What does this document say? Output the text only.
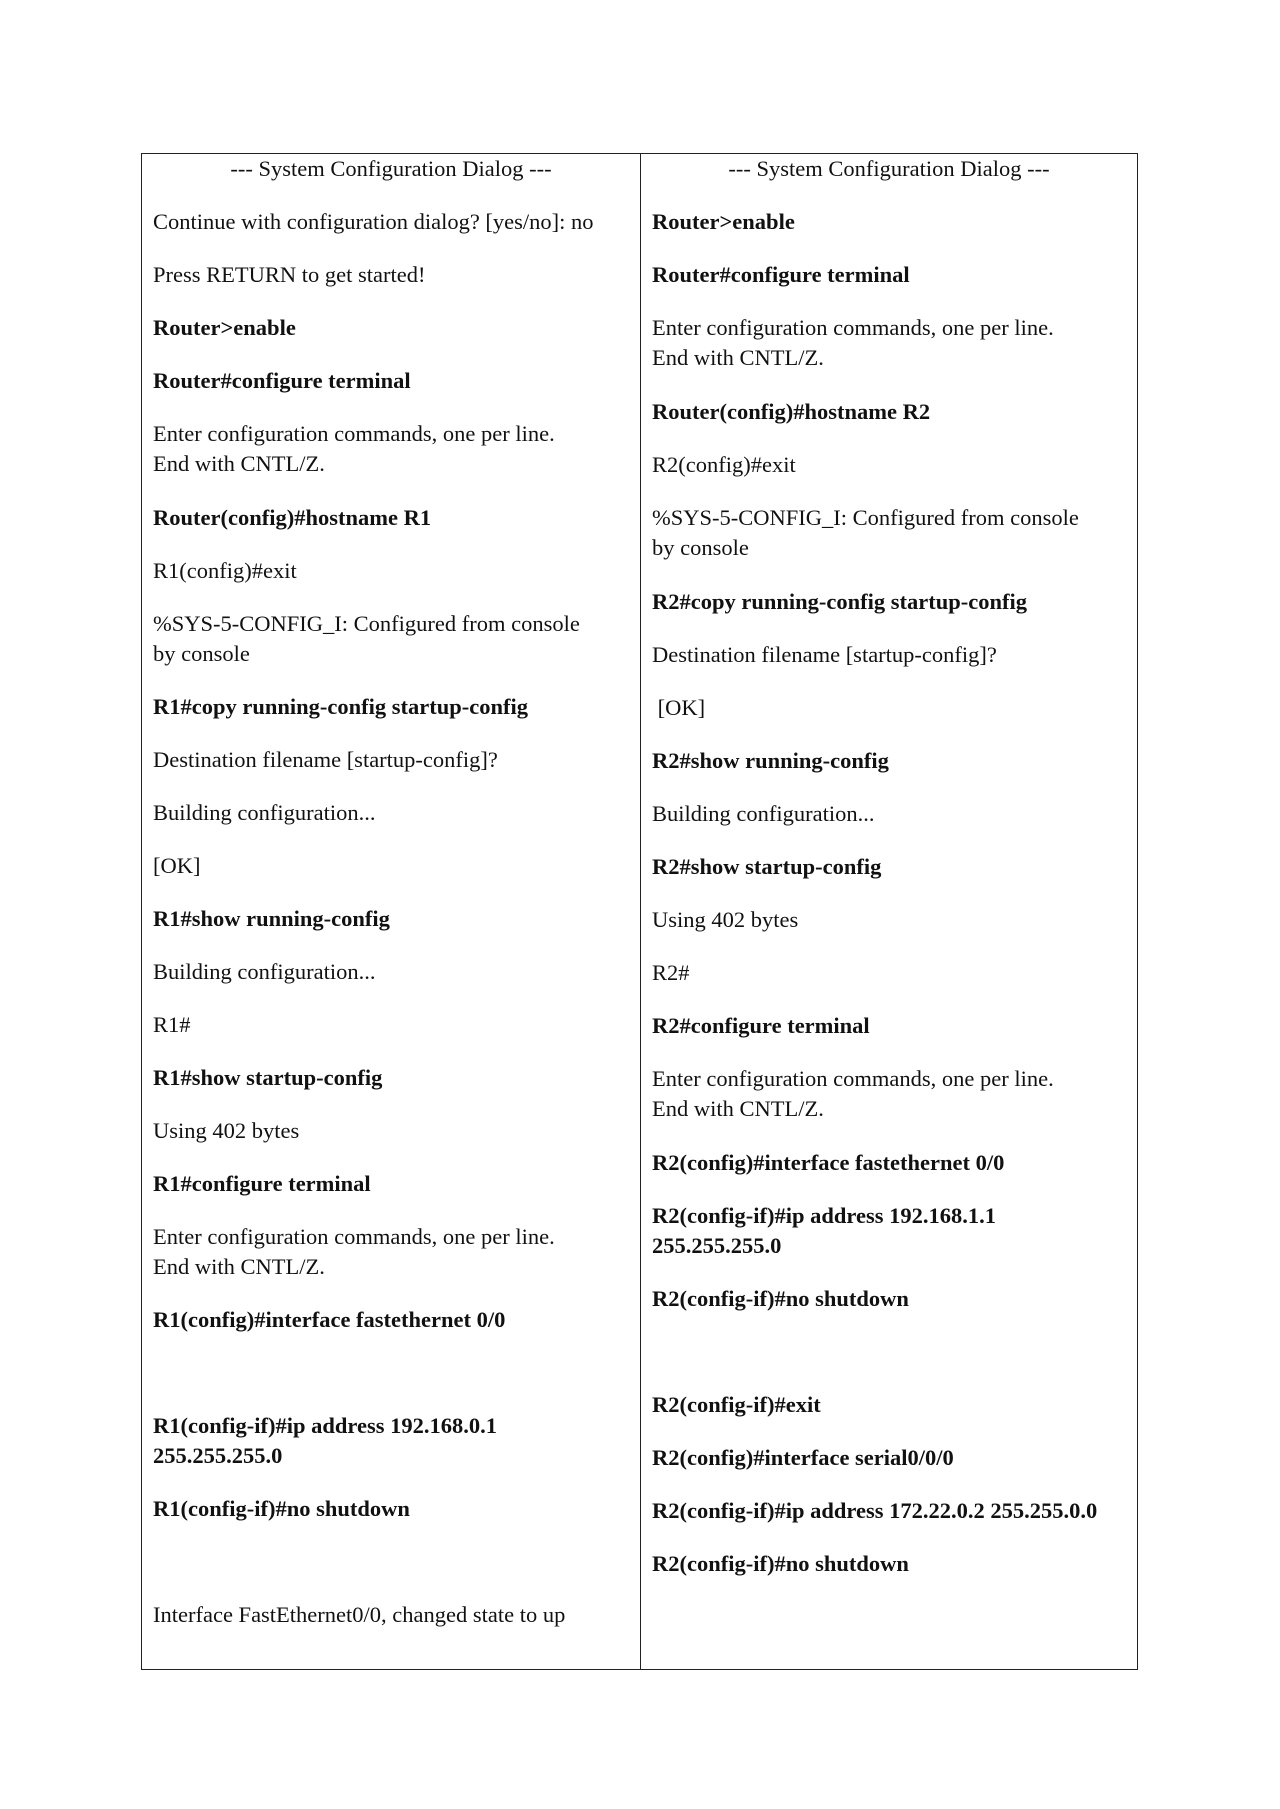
--- System Configuration Dialog ---

Continue with configuration dialog? [yes/no]: no

Press RETURN to get started!

Router>enable

Router#configure terminal

Enter configuration commands, one per line.
End with CNTL/Z.

Router(config)#hostname R1

R1(config)#exit

%SYS-5-CONFIG_I: Configured from console
by console

R1#copy running-config startup-config

Destination filename [startup-config]?

Building configuration...

[OK]

R1#show running-config

Building configuration...

R1#

R1#show startup-config

Using 402 bytes

R1#configure terminal

Enter configuration commands, one per line.
End with CNTL/Z.

R1(config)#interface fastethernet 0/0

R1(config-if)#ip address 192.168.0.1
255.255.255.0

R1(config-if)#no shutdown

Interface FastEthernet0/0, changed state to up

--- System Configuration Dialog ---

Router>enable

Router#configure terminal

Enter configuration commands, one per line.
End with CNTL/Z.

Router(config)#hostname R2

R2(config)#exit

%SYS-5-CONFIG_I: Configured from console
by console

R2#copy running-config startup-config

Destination filename [startup-config]?

[OK]

R2#show running-config

Building configuration...

R2#show startup-config

Using 402 bytes

R2#

R2#configure terminal

Enter configuration commands, one per line.
End with CNTL/Z.

R2(config)#interface fastethernet 0/0

R2(config-if)#ip address 192.168.1.1
255.255.255.0

R2(config-if)#no shutdown

R2(config-if)#exit

R2(config)#interface serial0/0/0

R2(config-if)#ip address 172.22.0.2 255.255.0.0

R2(config-if)#no shutdown
